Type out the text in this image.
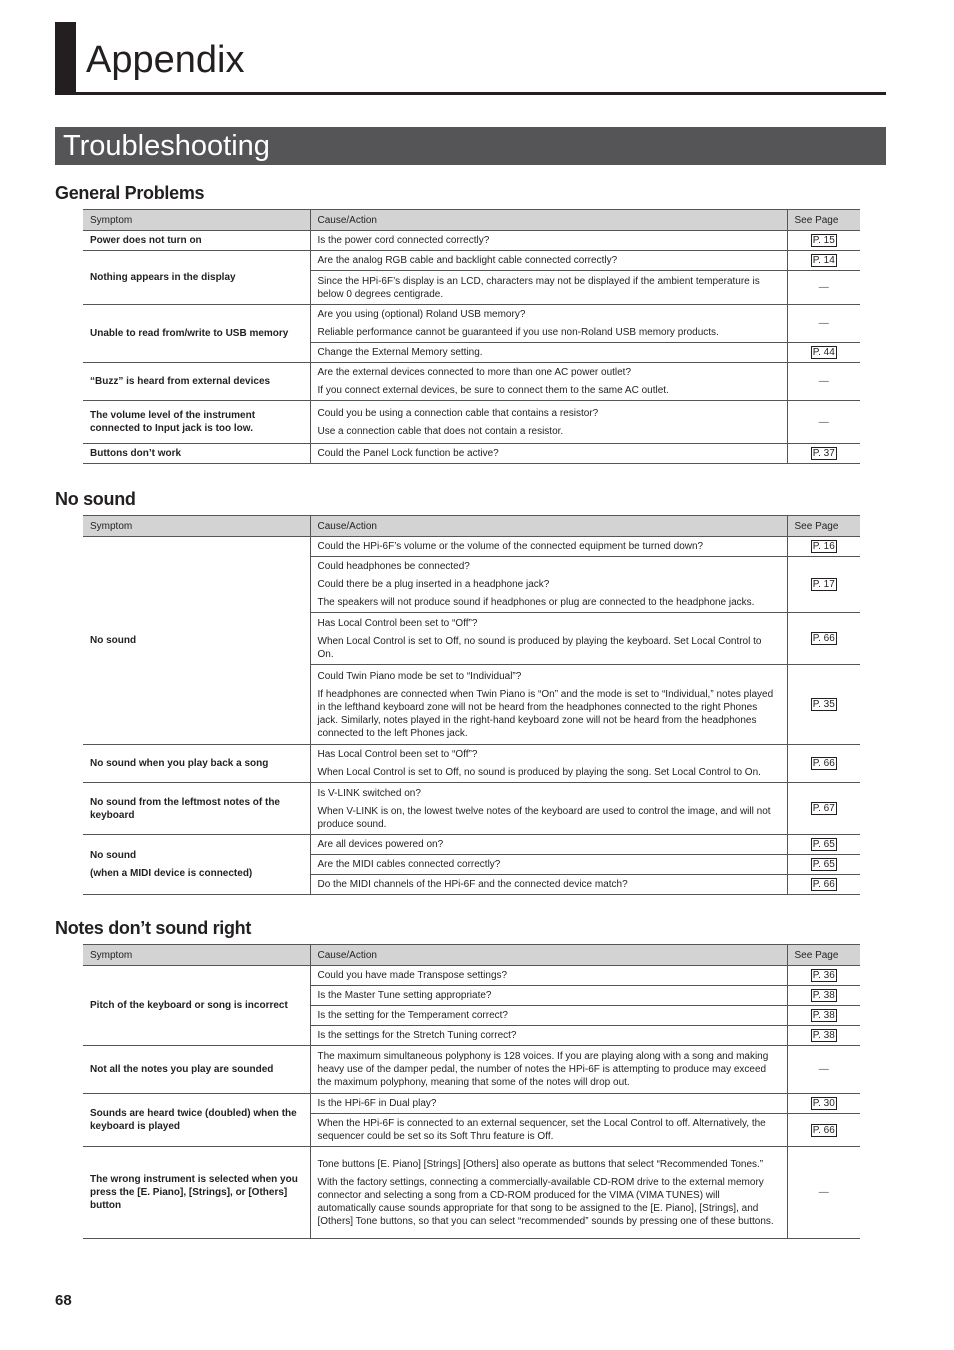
Appendix
Troubleshooting
General Problems
Symptom	Cause/Action	See Page
Power does not turn on	Is the power cord connected correctly?	P. 15
Nothing appears in the display	Are the analog RGB cable and backlight cable connected correctly?	P. 14

	Since the HPi-6F’s display is an LCD, characters may not be displayed if the ambient temperature is below 0 degrees centigrade.	—
Unable to read from/write to USB memory	Are you using (optional) Roland USB memory?
Reliable performance cannot be guaranteed if you use non-Roland USB memory products.	—

	Change the External Memory setting.	P. 44
“Buzz” is heard from external devices	Are the external devices connected to more than one AC power outlet?
If you connect external devices, be sure to connect them to the same AC outlet.	—
The volume level of the instrument connected to Input jack is too low.	Could you be using a connection cable that contains a resistor?
Use a connection cable that does not contain a resistor.	—
Buttons don’t work	Could the Panel Lock function be active?	P. 37
No sound
Symptom	Cause/Action	See Page
No sound	Could the HPi-6F’s volume or the volume of the connected equipment be turned down?	P. 16

	Could headphones be connected?
Could there be a plug inserted in a headphone jack?
The speakers will not produce sound if headphones or plug are connected to the headphone jacks.	P. 17

	Has Local Control been set to “Off”?
When Local Control is set to Off, no sound is produced by playing the keyboard. Set Local Control to On.	P. 66

	Could Twin Piano mode be set to “Individual”?
If headphones are connected when Twin Piano is “On” and the mode is set to “Individual,” notes played in the lefthand keyboard zone will not be heard from the headphones connected to the right Phones jack. Similarly, notes played in the right-hand keyboard zone will not be heard from the headphones connected to the left Phones jack.	P. 35
No sound when you play back a song	Has Local Control been set to “Off”?
When Local Control is set to Off, no sound is produced by playing the song. Set Local Control to On.	P. 66
No sound from the leftmost notes of the keyboard	Is V-LINK switched on?
When V-LINK is on, the lowest twelve notes of the keyboard are used to control the image, and will not produce sound.	P. 67

No sound
(when a MIDI device is connected)	Are all devices powered on?	P. 65

	Are the MIDI cables connected correctly?	P. 65

	Do the MIDI channels of the HPi-6F and the connected device match?	P. 66
Notes don’t sound right
Symptom	Cause/Action	See Page
Pitch of the keyboard or song is incorrect	Could you have made Transpose settings?	P. 36

	Is the Master Tune setting appropriate?	P. 38

	Is the setting for the Temperament correct?	P. 38

	Is the settings for the Stretch Tuning correct?	P. 38
Not all the notes you play are sounded	The maximum simultaneous polyphony is 128 voices. If you are playing along with a song and making heavy use of the damper pedal, the number of notes the HPi-6F is attempting to produce may exceed the maximum polyphony, meaning that some of the notes will drop out.	—
Sounds are heard twice (doubled) when the keyboard is played	Is the HPi-6F in Dual play?	P. 30

	When the HPi-6F is connected to an external sequencer, set the Local Control to off. Alternatively, the sequencer could be set so its Soft Thru feature is Off.	P. 66
The wrong instrument is selected when you press the [E. Piano], [Strings], or [Others] button	Tone buttons [E. Piano] [Strings] [Others] also operate as buttons that select “Recommended Tones.”
With the factory settings, connecting a commercially-available CD-ROM drive to the external memory connector and selecting a song from a CD-ROM produced for the VIMA (VIMA TUNES) will automatically cause sounds appropriate for that song to be assigned to the [E. Piano], [Strings], and [Others] Tone buttons, so that you can select “recommended” sounds by pressing one of these buttons.	—
68
